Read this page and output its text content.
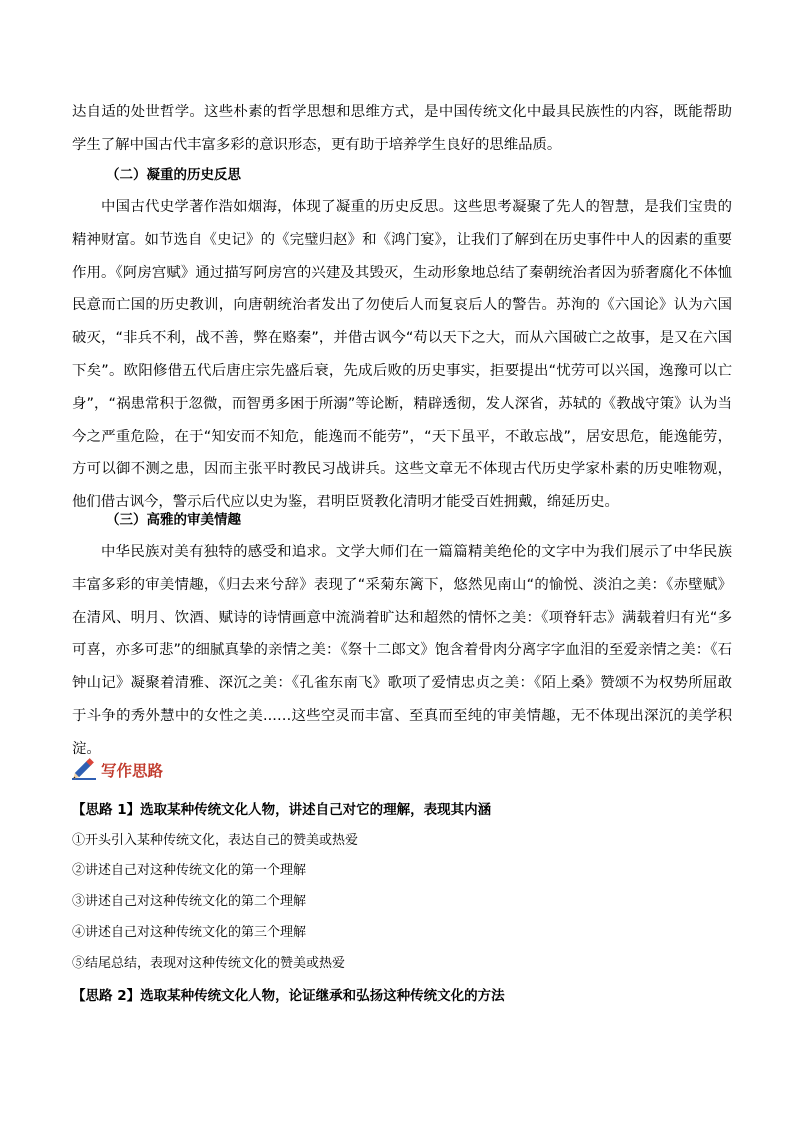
达自适的处世哲学。这些朴素的哲学思想和思维方式，是中国传统文化中最具民族性的内容，既能帮助学生了解中国古代丰富多彩的意识形态，更有助于培养学生良好的思维品质。

（二）凝重的历史反思

中国古代史学著作浩如烟海，体现了凝重的历史反思。这些思考凝聚了先人的智慧，是我们宝贵的精神财富。如节选自《史记》的《完璧归赵》和《鸿门宴》，让我们了解到在历史事件中人的因素的重要作用。《阿房宫赋》通过描写阿房宫的兴建及其毁灭，生动形象地总结了秦朝统治者因为骄奢腐化不体恤民意而亡国的历史教训，向唐朝统治者发出了勿使后人而复哀后人的警告。苏洵的《六国论》认为六国破灭，“非兵不利，战不善，弊在赂秦”，并借古讽今“苟以天下之大，而从六国破亡之故事，是又在六国下矣”。欧阳修借五代后唐庄宗先盛后衰，先成后败的历史事实，拒要提出“忧劳可以兴国，逸豫可以亡身”，“祸患常积于忽微，而智勇多困于所溺”等论断，精辟透彻，发人深省，苏轼的《教战守策》认为当今之严重危险，在于“知安而不知危，能逸而不能劳”，“天下虽平，不敢忘战”，居安思危，能逸能劳，方可以御不测之患，因而主张平时教民习战讲兵。这些文章无不体现古代历史学家朴素的历史唯物观，他们借古讽今，警示后代应以史为鉴，君明臣贤教化清明才能受百姓拥戴，绵延历史。

（三）高雅的审美情趣

中华民族对美有独特的感受和追求。文学大师们在一篇篇精美绝伦的文字中为我们展示了中华民族丰富多彩的审美情趣，《归去来兮辞》表现了“采菊东篱下，悠然见南山“的愉悦、淡泊之美：《赤壁赋》在清风、明月、饮酒、赋诗的诗情画意中流淌着旷达和超然的情怀之美：《项脊轩志》满载着归有光“多可喜，亦多可悲”的细腻真挚的亲情之美：《祭十二郎文》饱含着骨肉分离字字血泪的至爱亲情之美：《石钟山记》凝聚着清雅、深沉之美：《孔雀东南飞》歌项了爱情忠贞之美：《陌上桑》赞颂不为权势所屈敢于斗争的秀外慧中的女性之美..….这些空灵而丰富、至真而至纯的审美情趣，无不体现出深沉的美学积淀。

写作思路

【思路 1】选取某种传统文化人物，讲述自己对它的理解，表现其内涵

①开头引入某种传统文化，表达自己的赞美或热爱

②讲述自己对这种传统文化的第一个理解

③讲述自己对这种传统文化的第二个理解

④讲述自己对这种传统文化的第三个理解

⑤结尾总结，表现对这种传统文化的赞美或热爱

【思路 2】选取某种传统文化人物，论证继承和弘扬这种传统文化的方法
